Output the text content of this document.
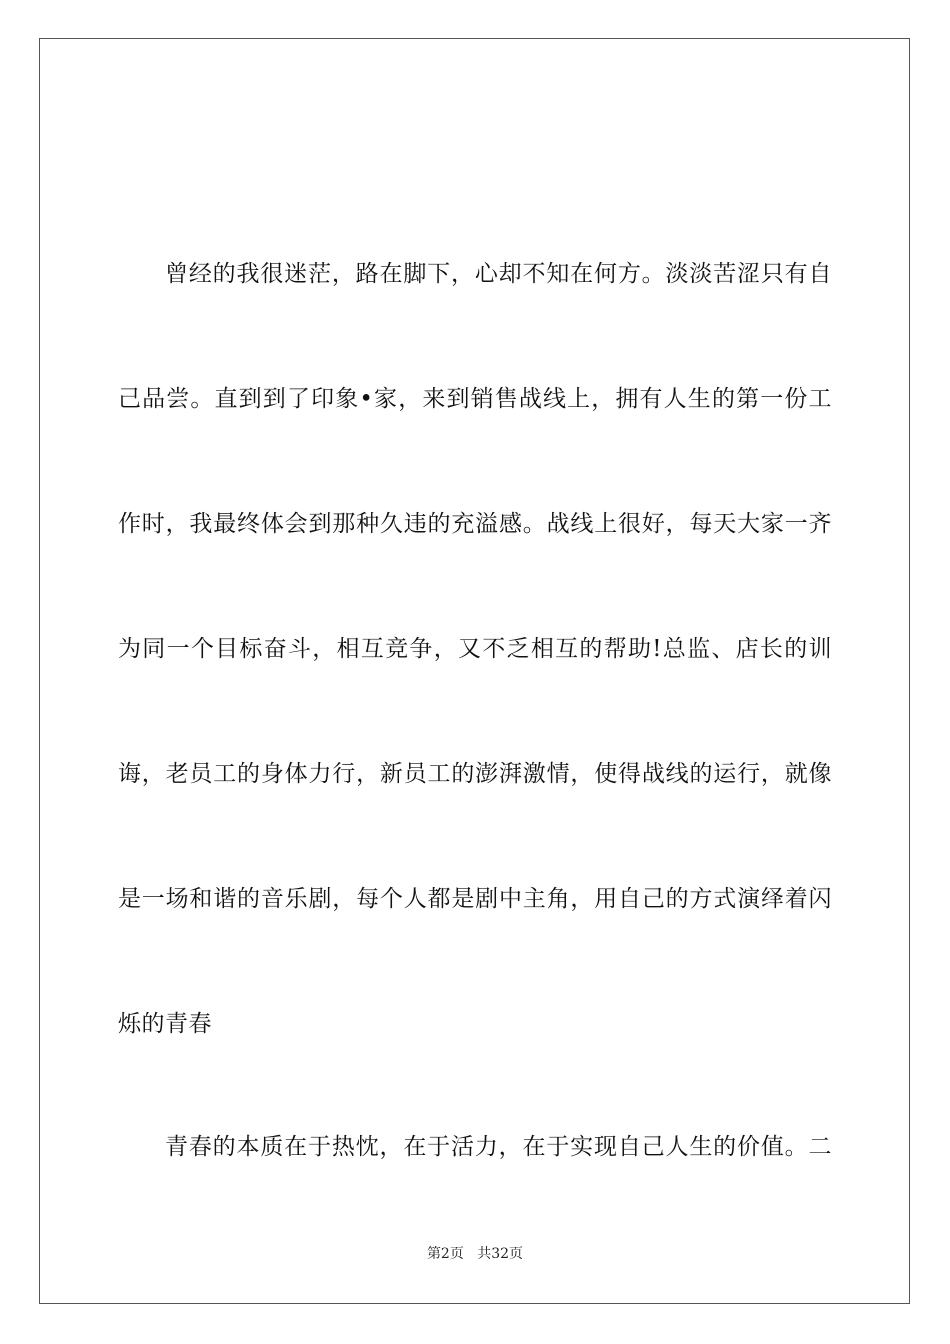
曾经的我很迷茫，路在脚下，心却不知在何方。淡淡苦涩只有自
己品尝。直到到了印象•家，来到销售战线上，拥有人生的第一份工
作时，我最终体会到那种久违的充溢感。战线上很好，每天大家一齐
为同一个目标奋斗，相互竞争，又不乏相互的帮助!总监、店长的训
诲，老员工的身体力行，新员工的澎湃激情，使得战线的运行，就像
是一场和谐的音乐剧，每个人都是剧中主角，用自己的方式演绎着闪
烁的青春
青春的本质在于热忱，在于活力，在于实现自己人生的价值。二
第2页 共32页
